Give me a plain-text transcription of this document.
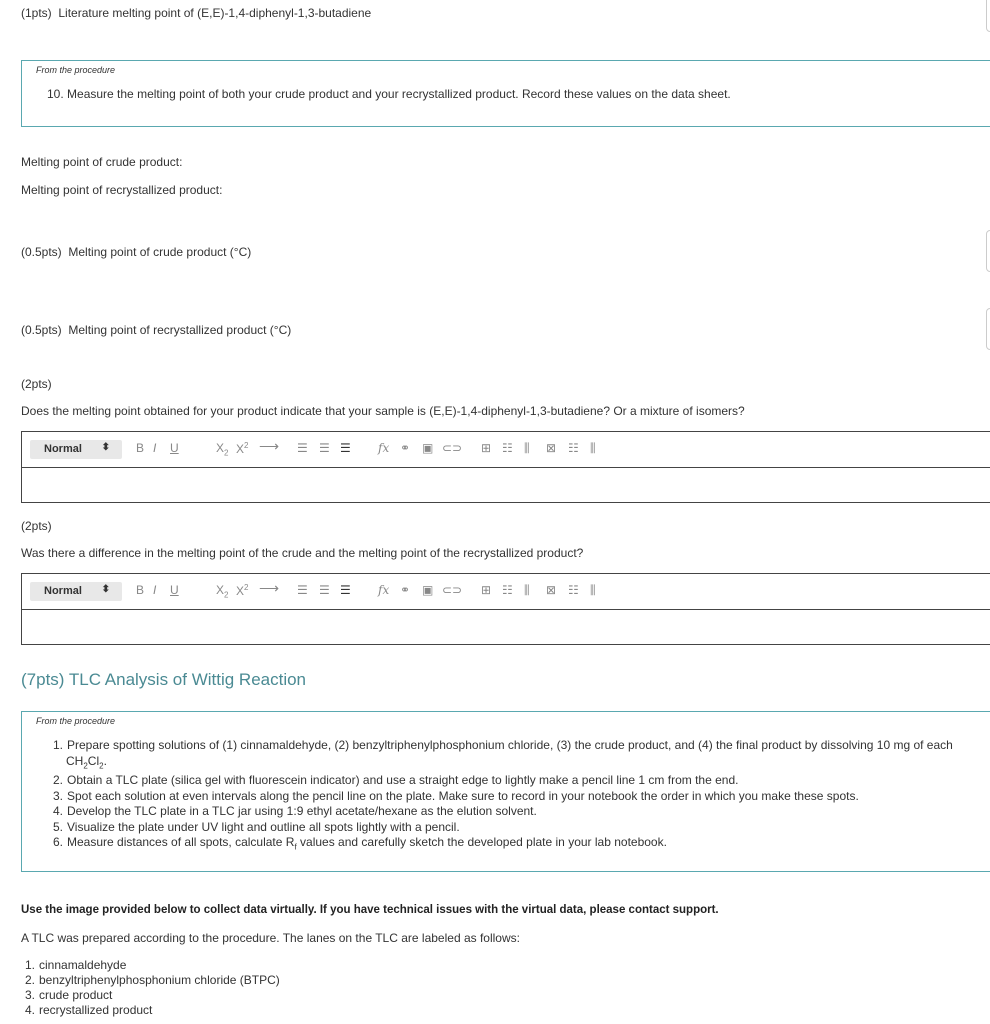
(1pts) Literature melting point of (E,E)-1,4-diphenyl-1,3-butadiene
From the procedure
10. Measure the melting point of both your crude product and your recrystallized product. Record these values on the data sheet.
Melting point of crude product:
Melting point of recrystallized product:
(0.5pts) Melting point of crude product (°C)
(0.5pts) Melting point of recrystallized product (°C)
(2pts)
Does the melting point obtained for your product indicate that your sample is (E,E)-1,4-diphenyl-1,3-butadiene? Or a mixture of isomers?
Normal ⬍ B I U	$X_2$ $X^2$ ⟶ ☰ ☰ ☰ fx ⚭ ▣ ⊂⊃ ⊞ ☷ ⫼ ⊠ ☷ ⫼
(2pts)
Was there a difference in the melting point of the crude and the melting point of the recrystallized product?
Normal ⬍ B I U	$X_2$ $X^2$ ⟶ ☰ ☰ ☰ fx ⚭ ▣ ⊂⊃ ⊞ ☷ ⫼ ⊠ ☷ ⫼
(7pts) TLC Analysis of Wittig Reaction
From the procedure
1. Prepare spotting solutions of (1) cinnamaldehyde, (2) benzyltriphenylphosphonium chloride, (3) the crude product, and (4) the final product by dissolving 10 mg of each
$CH_2Cl_2$.
2. Obtain a TLC plate (silica gel with fluorescein indicator) and use a straight edge to lightly make a pencil line 1 cm from the end.
3. Spot each solution at even intervals along the pencil line on the plate. Make sure to record in your notebook the order in which you make these spots.
4. Develop the TLC plate in a TLC jar using 1:9 ethyl acetate/hexane as the elution solvent.
5. Visualize the plate under UV light and outline all spots lightly with a pencil.
6. Measure distances of all spots, calculate $R_f$ values and carefully sketch the developed plate in your lab notebook.
Use the image provided below to collect data virtually. If you have technical issues with the virtual data, please contact support.
A TLC was prepared according to the procedure. The lanes on the TLC are labeled as follows:
1. cinnamaldehyde
2. benzyltriphenylphosphonium chloride (BTPC)
3. crude product
4. recrystallized product
